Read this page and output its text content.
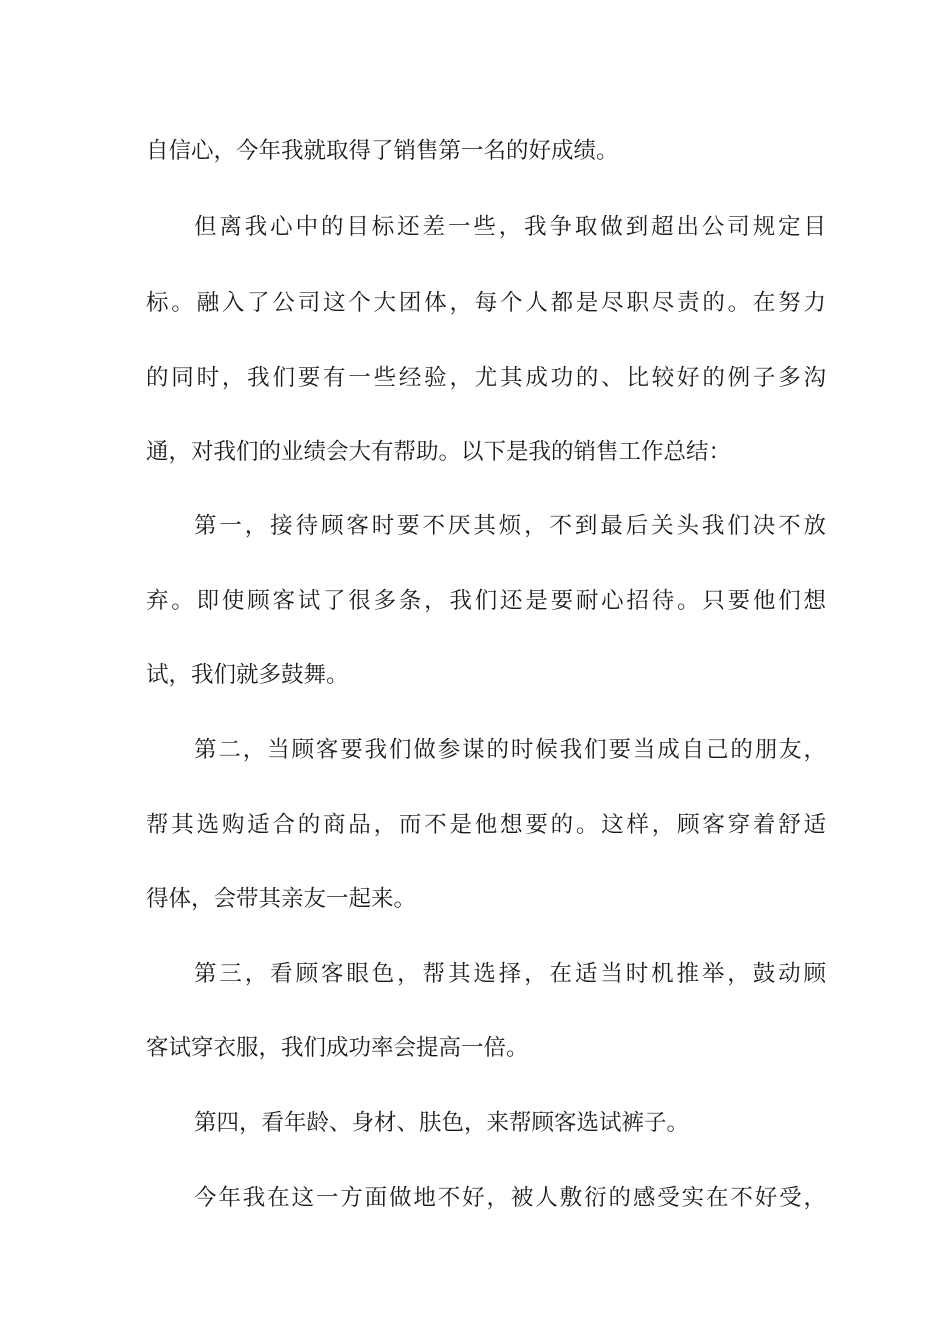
自信心，今年我就取得了销售第一名的好成绩。

但离我心中的目标还差一些，我争取做到超出公司规定目

标。融入了公司这个大团体，每个人都是尽职尽责的。在努力

的同时，我们要有一些经验，尤其成功的、比较好的例子多沟

通，对我们的业绩会大有帮助。以下是我的销售工作总结：

第一，接待顾客时要不厌其烦，不到最后关头我们决不放

弃。即使顾客试了很多条，我们还是要耐心招待。只要他们想

试，我们就多鼓舞。

第二，当顾客要我们做参谋的时候我们要当成自己的朋友，

帮其选购适合的商品，而不是他想要的。这样，顾客穿着舒适

得体，会带其亲友一起来。

第三，看顾客眼色，帮其选择，在适当时机推举，鼓动顾

客试穿衣服，我们成功率会提高一倍。

第四，看年龄、身材、肤色，来帮顾客选试裤子。

今年我在这一方面做地不好，被人敷衍的感受实在不好受，
